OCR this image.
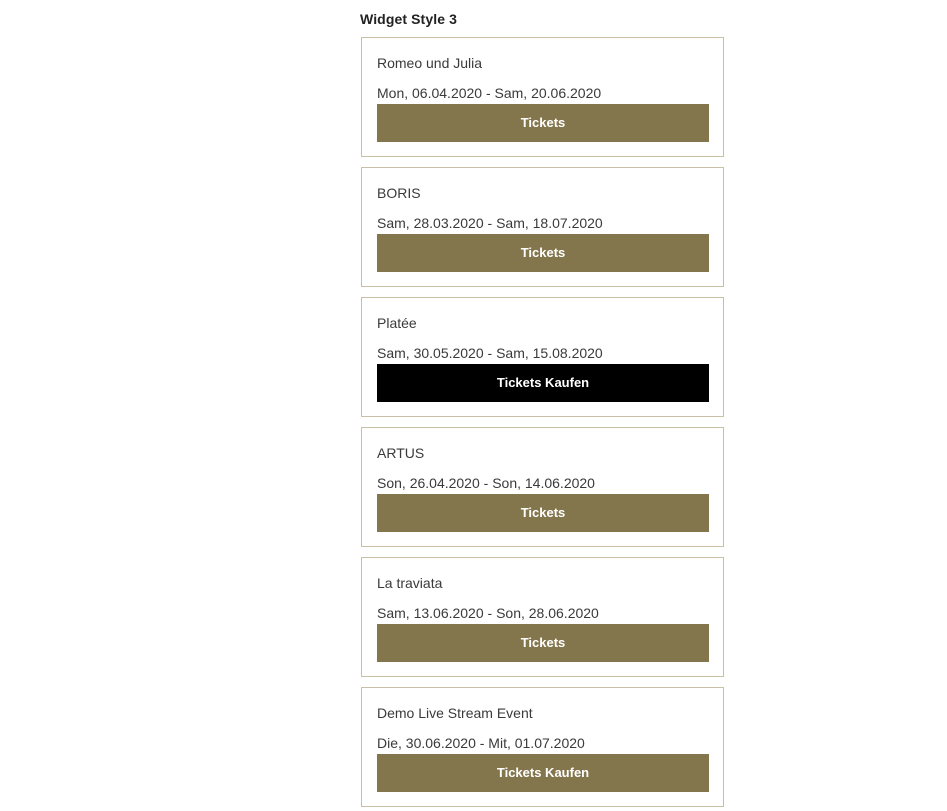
Widget Style 3
Romeo und Julia
Mon, 06.04.2020 - Sam, 20.06.2020
Tickets
BORIS
Sam, 28.03.2020 - Sam, 18.07.2020
Tickets
Platée
Sam, 30.05.2020 - Sam, 15.08.2020
Tickets Kaufen
ARTUS
Son, 26.04.2020 - Son, 14.06.2020
Tickets
La traviata
Sam, 13.06.2020 - Son, 28.06.2020
Tickets
Demo Live Stream Event
Die, 30.06.2020 - Mit, 01.07.2020
Tickets Kaufen
